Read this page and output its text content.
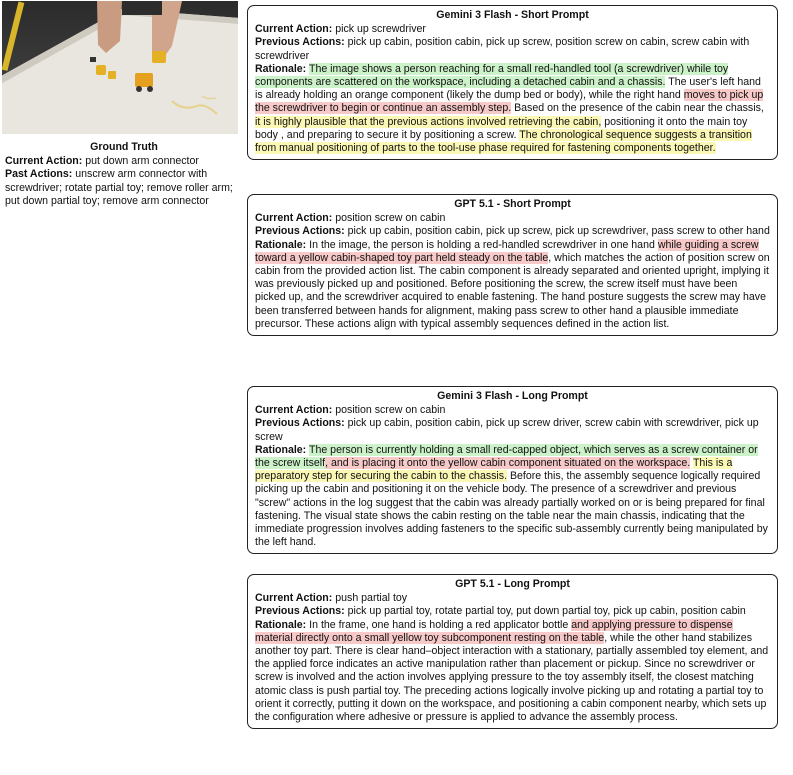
Ground Truth

Current Action: put down arm connector

Past Actions: unscrew arm connector with screwdriver; rotate partial toy; remove roller arm; put down partial toy; remove arm connector

Gemini 3 Flash - Short Prompt

Current Action: pick up screwdriver

Previous Actions: pick up cabin, position cabin, pick up screw, position screw on cabin, screw cabin with screwdriver

Rationale: The image shows a person reaching for a small red-handled tool (a screwdriver) while toy components are scattered on the workspace, including a detached cabin and a chassis. The user's left hand is already holding an orange component (likely the dump bed or body), while the right hand moves to pick up the screwdriver to begin or continue an assembly step. Based on the presence of the cabin near the chassis, it is highly plausible that the previous actions involved retrieving the cabin, positioning it onto the main toy body , and preparing to secure it by positioning a screw. The chronological sequence suggests a transition from manual positioning of parts to the tool-use phase required for fastening components together.

GPT 5.1 - Short Prompt

Current Action: position screw on cabin

Previous Actions: pick up cabin, position cabin, pick up screw, pick up screwdriver, pass screw to other hand

Rationale: In the image, the person is holding a red-handled screwdriver in one hand while guiding a screw toward a yellow cabin-shaped toy part held steady on the table, which matches the action of position screw on cabin from the provided action list. The cabin component is already separated and oriented upright, implying it was previously picked up and positioned. Before positioning the screw, the screw itself must have been picked up, and the screwdriver acquired to enable fastening. The hand posture suggests the screw may have been transferred between hands for alignment, making pass screw to other hand a plausible immediate precursor. These actions align with typical assembly sequences defined in the action list.

Gemini 3 Flash - Long Prompt

Current Action: position screw on cabin

Previous Actions: pick up cabin, position cabin, pick up screw driver, screw cabin with screwdriver, pick up screw

Rationale: The person is currently holding a small red-capped object, which serves as a screw container or the screw itself, and is placing it onto the yellow cabin component situated on the workspace. This is a preparatory step for securing the cabin to the chassis. Before this, the assembly sequence logically required picking up the cabin and positioning it on the vehicle body. The presence of a screwdriver and previous "screw" actions in the log suggest that the cabin was already partially worked on or is being prepared for final fastening. The visual state shows the cabin resting on the table near the main chassis, indicating that the immediate progression involves adding fasteners to the specific sub-assembly currently being manipulated by the left hand.

GPT 5.1 - Long Prompt

Current Action: push partial toy

Previous Actions: pick up partial toy, rotate partial toy, put down partial toy, pick up cabin, position cabin

Rationale: In the frame, one hand is holding a red applicator bottle and applying pressure to dispense material directly onto a small yellow toy subcomponent resting on the table, while the other hand stabilizes another toy part. There is clear hand–object interaction with a stationary, partially assembled toy element, and the applied force indicates an active manipulation rather than placement or pickup. Since no screwdriver or screw is involved and the action involves applying pressure to the toy assembly itself, the closest matching atomic class is push partial toy. The preceding actions logically involve picking up and rotating a partial toy to orient it correctly, putting it down on the workspace, and positioning a cabin component nearby, which sets up the configuration where adhesive or pressure is applied to advance the assembly process.
